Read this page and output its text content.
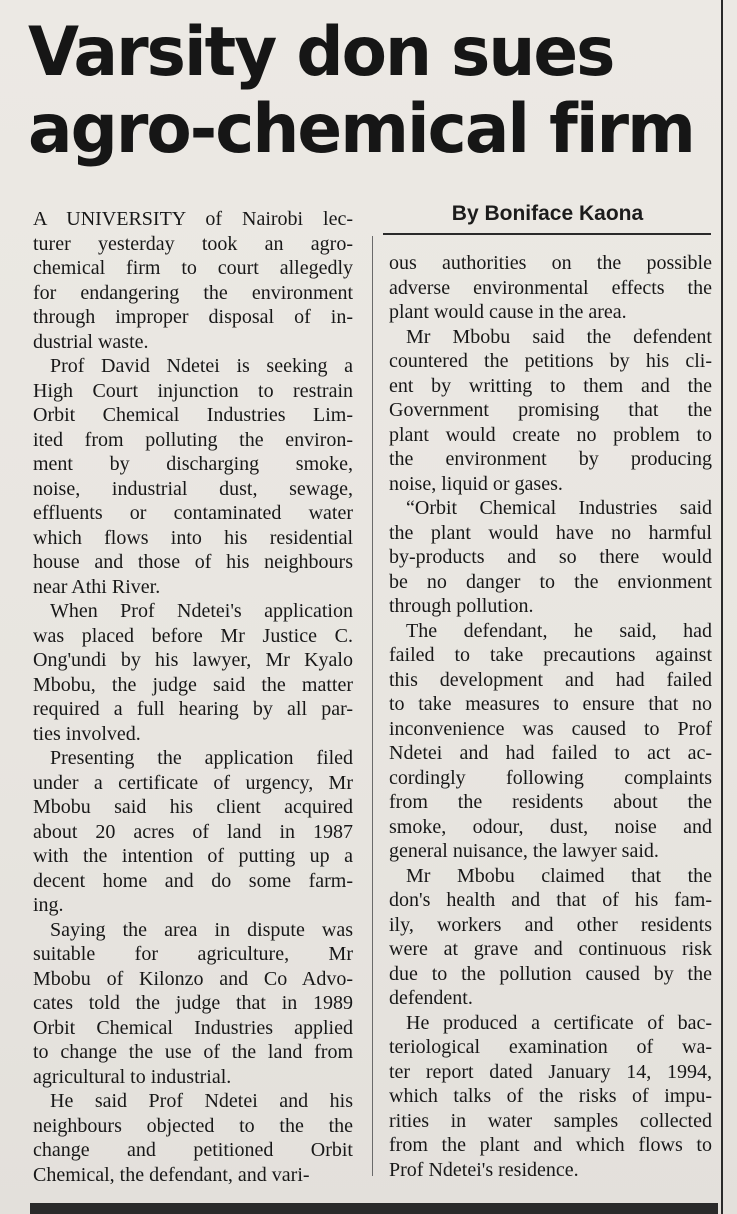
Varsity don sues
agro-chemical firm
By Boniface Kaona

A UNIVERSITY of Nairobi lec-
turer yesterday took an agro-
chemical firm to court allegedly
for endangering the environment
through improper disposal of in-
dustrial waste.

Prof David Ndetei is seeking a
High Court injunction to restrain
Orbit Chemical Industries Lim-
ited from polluting the environ-
ment by discharging smoke,
noise, industrial dust, sewage,
effluents or contaminated water
which flows into his residential
house and those of his neighbours
near Athi River.

When Prof Ndetei's application
was placed before Mr Justice C.
Ong'undi by his lawyer, Mr Kyalo
Mbobu, the judge said the matter
required a full hearing by all par-
ties involved.

Presenting the application filed
under a certificate of urgency, Mr
Mbobu said his client acquired
about 20 acres of land in 1987
with the intention of putting up a
decent home and do some farm-
ing.

Saying the area in dispute was
suitable for agriculture, Mr
Mbobu of Kilonzo and Co Advo-
cates told the judge that in 1989
Orbit Chemical Industries applied
to change the use of the land from
agricultural to industrial.

He said Prof Ndetei and his
neighbours objected to the the
change and petitioned Orbit
Chemical, the defendant, and vari-

ous authorities on the possible
adverse environmental effects the
plant would cause in the area.

Mr Mbobu said the defendent
countered the petitions by his cli-
ent by writting to them and the
Government promising that the
plant would create no problem to
the environment by producing
noise, liquid or gases.

“Orbit Chemical Industries said
the plant would have no harmful
by-products and so there would
be no danger to the envionment
through pollution.

The defendant, he said, had
failed to take precautions against
this development and had failed
to take measures to ensure that no
inconvenience was caused to Prof
Ndetei and had failed to act ac-
cordingly following complaints
from the residents about the
smoke, odour, dust, noise and
general nuisance, the lawyer said.

Mr Mbobu claimed that the
don's health and that of his fam-
ily, workers and other residents
were at grave and continuous risk
due to the pollution caused by the
defendent.

He produced a certificate of bac-
teriological examination of wa-
ter report dated January 14, 1994,
which talks of the risks of impu-
rities in water samples collected
from the plant and which flows to
Prof Ndetei's residence.
